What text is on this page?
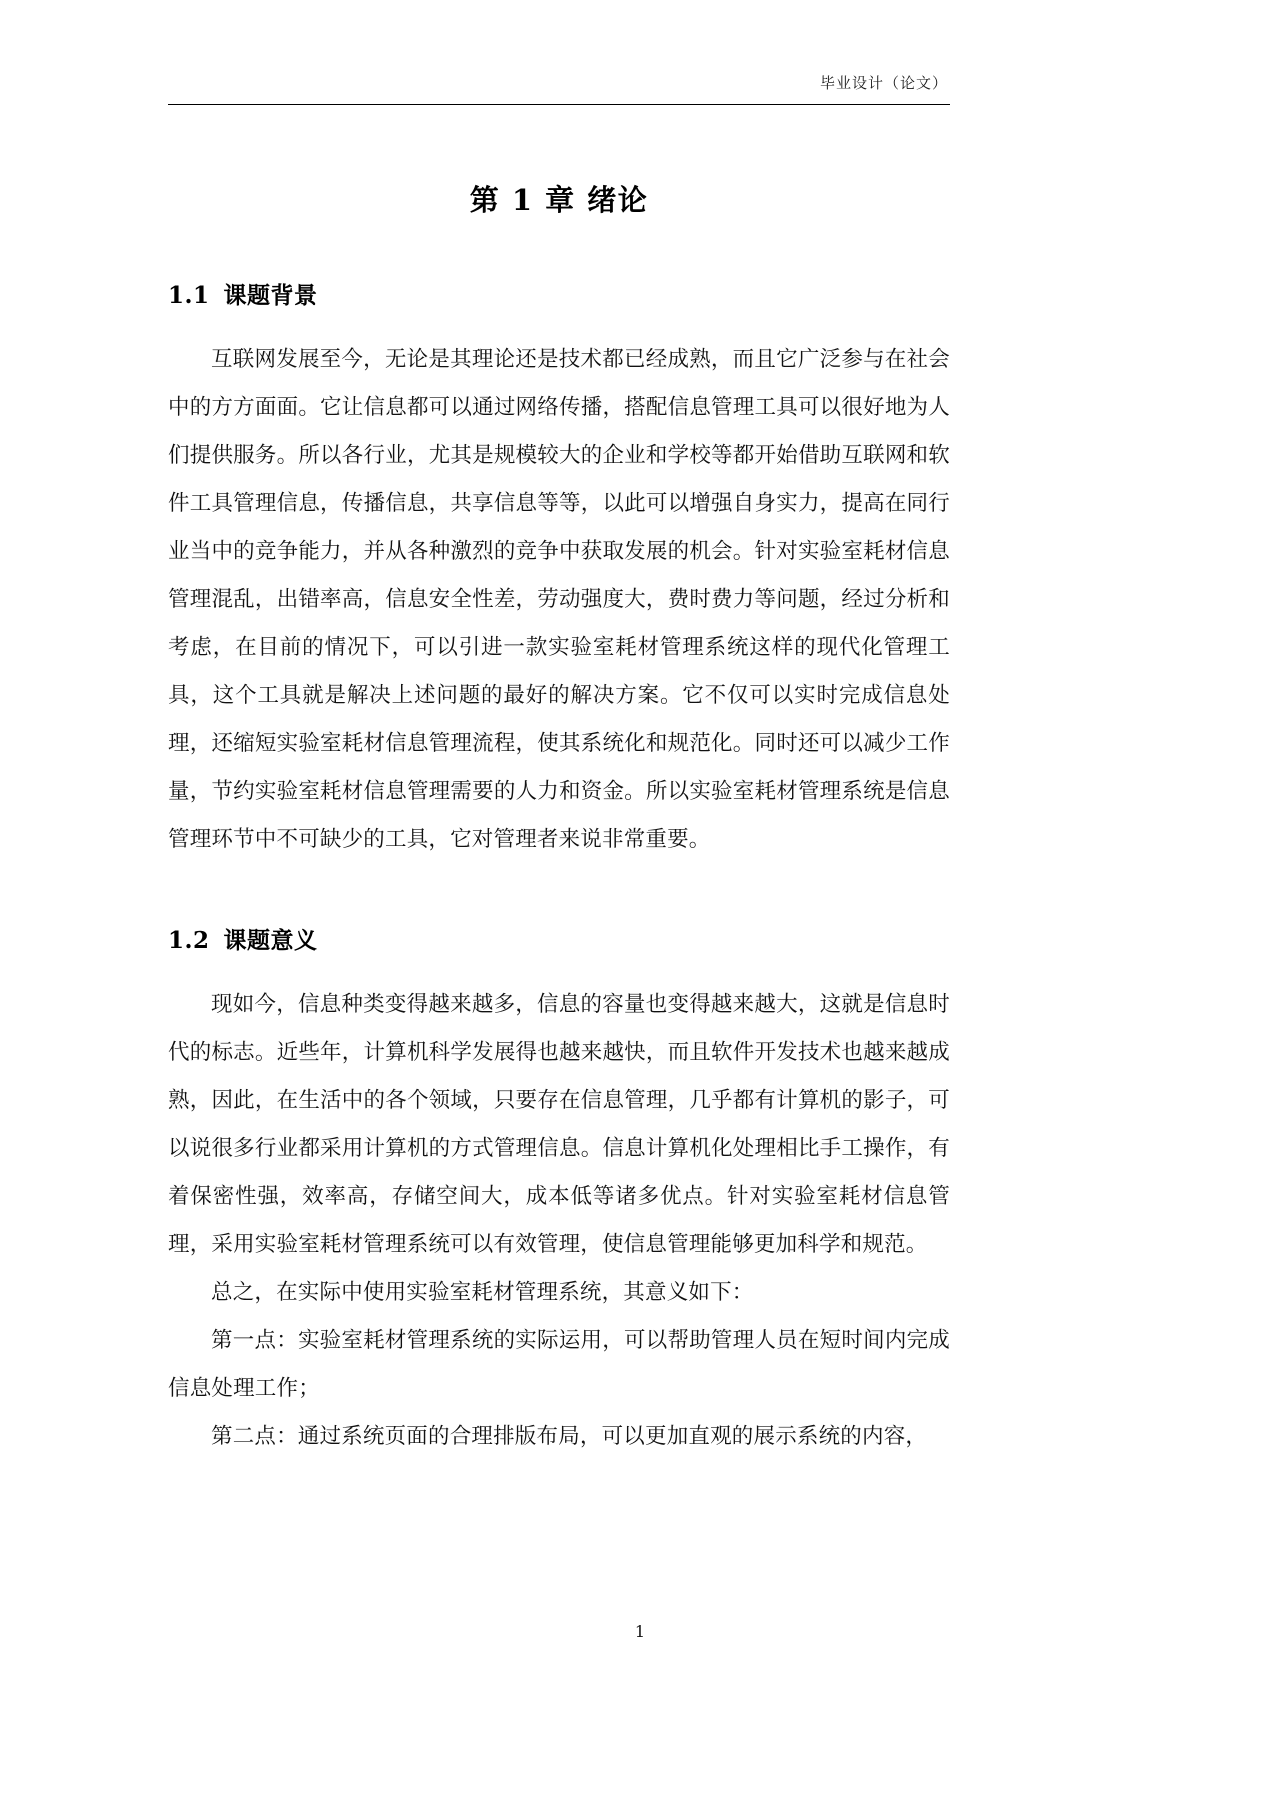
毕业设计（论文）
第 1 章 绪论
1.1 课题背景

互联网发展至今，无论是其理论还是技术都已经成熟，而且它广泛参与在社会中的方方面面。它让信息都可以通过网络传播，搭配信息管理工具可以很好地为人们提供服务。所以各行业，尤其是规模较大的企业和学校等都开始借助互联网和软件工具管理信息，传播信息，共享信息等等，以此可以增强自身实力，提高在同行业当中的竞争能力，并从各种激烈的竞争中获取发展的机会。针对实验室耗材信息管理混乱，出错率高，信息安全性差，劳动强度大，费时费力等问题，经过分析和考虑，在目前的情况下，可以引进一款实验室耗材管理系统这样的现代化管理工具，这个工具就是解决上述问题的最好的解决方案。它不仅可以实时完成信息处理，还缩短实验室耗材信息管理流程，使其系统化和规范化。同时还可以减少工作量，节约实验室耗材信息管理需要的人力和资金。所以实验室耗材管理系统是信息管理环节中不可缺少的工具，它对管理者来说非常重要。

1.2 课题意义

现如今，信息种类变得越来越多，信息的容量也变得越来越大，这就是信息时代的标志。近些年，计算机科学发展得也越来越快，而且软件开发技术也越来越成熟，因此，在生活中的各个领域，只要存在信息管理，几乎都有计算机的影子，可以说很多行业都采用计算机的方式管理信息。信息计算机化处理相比手工操作，有着保密性强，效率高，存储空间大，成本低等诸多优点。针对实验室耗材信息管理，采用实验室耗材管理系统可以有效管理，使信息管理能够更加科学和规范。

总之，在实际中使用实验室耗材管理系统，其意义如下：

第一点：实验室耗材管理系统的实际运用，可以帮助管理人员在短时间内完成信息处理工作；

第二点：通过系统页面的合理排版布局，可以更加直观的展示系统的内容，

1
